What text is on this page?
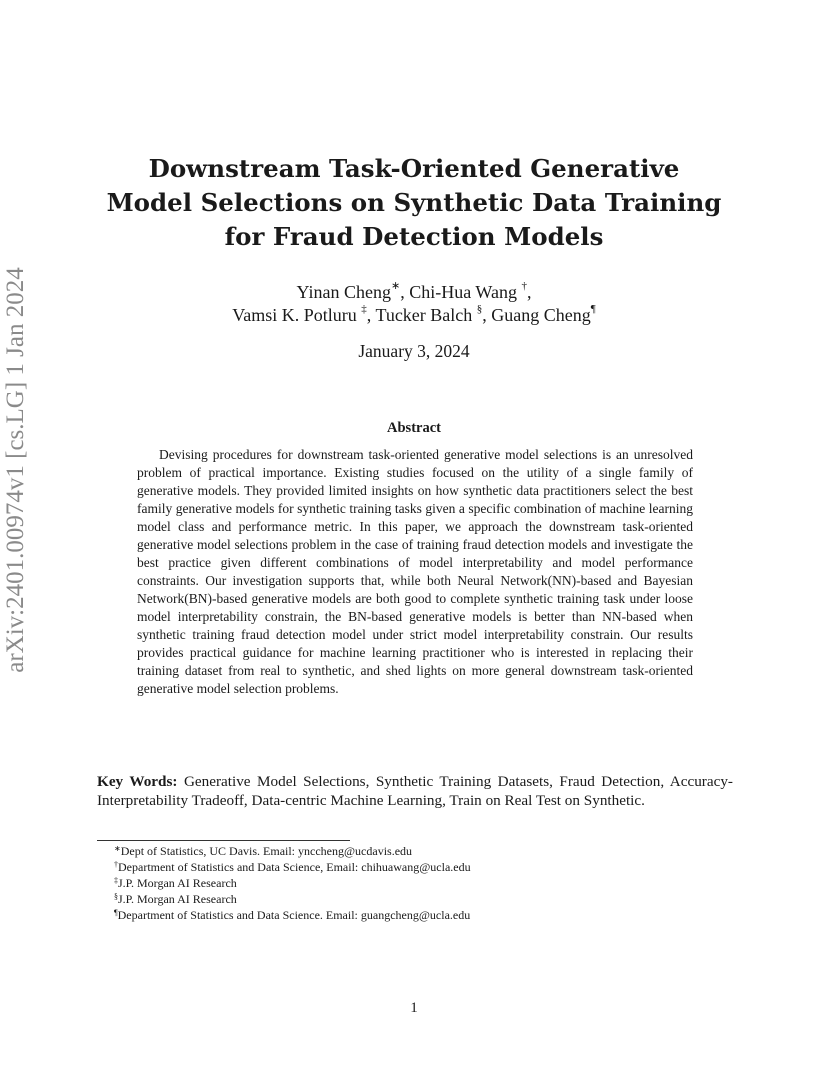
arXiv:2401.00974v1 [cs.LG] 1 Jan 2024
Downstream Task-Oriented Generative
Model Selections on Synthetic Data Training
for Fraud Detection Models
Yinan Cheng∗, Chi-Hua Wang †,
Vamsi K. Potluru ‡, Tucker Balch §, Guang Cheng¶
January 3, 2024
Abstract

Devising procedures for downstream task-oriented generative model selections is an unresolved problem of practical importance. Existing studies focused on the utility of a single family of generative models. They provided limited insights on how synthetic data practitioners select the best family generative models for synthetic training tasks given a specific combination of machine learning model class and performance metric. In this paper, we approach the downstream task-oriented generative model selections problem in the case of training fraud detection models and investigate the best practice given different combinations of model interpretability and model performance constraints. Our investigation supports that, while both Neural Network(NN)-based and Bayesian Network(BN)-based generative models are both good to complete synthetic training task under loose model interpretability constrain, the BN-based generative models is better than NN-based when synthetic training fraud detection model under strict model interpretability constrain. Our results provides practical guidance for machine learning practitioner who is interested in replacing their training dataset from real to synthetic, and shed lights on more general downstream task-oriented generative model selection problems.

Key Words: Generative Model Selections, Synthetic Training Datasets, Fraud Detection, Accuracy-Interpretability Tradeoff, Data-centric Machine Learning, Train on Real Test on Synthetic.

∗Dept of Statistics, UC Davis. Email: ynccheng@ucdavis.edu
†Department of Statistics and Data Science, Email: chihuawang@ucla.edu
‡J.P. Morgan AI Research
§J.P. Morgan AI Research
¶Department of Statistics and Data Science. Email: guangcheng@ucla.edu
1
